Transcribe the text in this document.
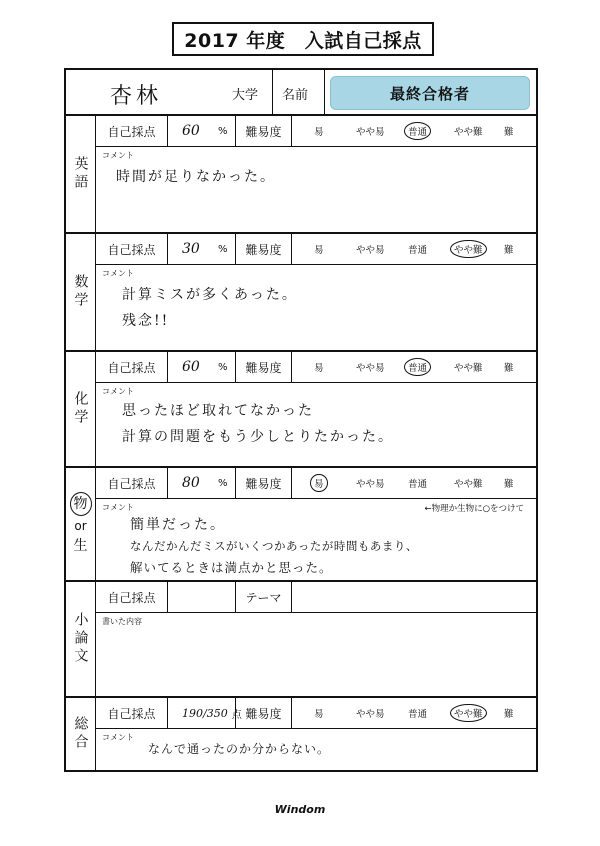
2017 年度　入試自己採点
杏林	大学 名前	最終合格者
英語
自己採点	60	%	難易度	易	やや易	普通	やや難 難
コメント
時間が足りなかった。
数学
自己採点	30	%	難易度	易	やや易 普通	やや難	難
コメント
計算ミスが多くあった。
残念!!
化学
自己採点	60	%	難易度	易	やや易	普通	やや難 難
コメント
思ったほど取れてなかった
計算の問題をもう少しとりたかった。
物
or
生
自己採点	80	%	難易度	易	やや易 普通	やや難 難
コメント	←物理か生物に○をつけて
簡単だった。
なんだかんだミスがいくつかあったが時間もあまり、
解いてるときは満点かと思った。
小論文
自己採点	テーマ
書いた内容
総合
自己採点	190/350 点 難易度	易	やや易 普通	やや難	難
コメント
なんで通ったのか分からない。
Windom
